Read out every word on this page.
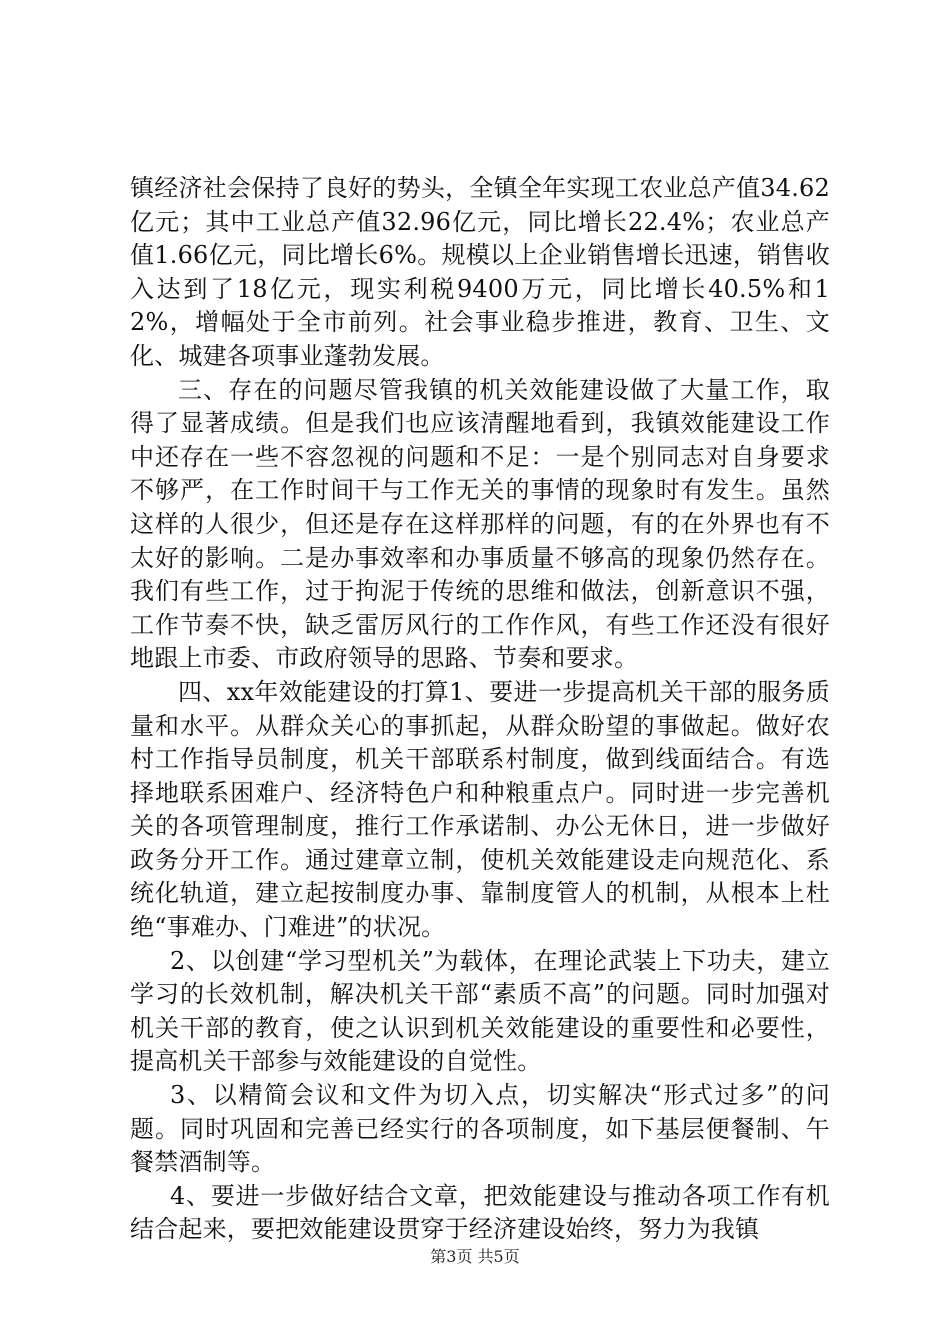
镇经济社会保持了良好的势头，全镇全年实现工农业总产值34.62亿元；其中工业总产值32.96亿元，同比增长22.4%；农业总产值1.66亿元，同比增长6%。规模以上企业销售增长迅速，销售收入达到了18亿元，现实利税9400万元，同比增长40.5%和12%，增幅处于全市前列。社会事业稳步推进，教育、卫生、文化、城建各项事业蓬勃发展。

三、存在的问题尽管我镇的机关效能建设做了大量工作，取得了显著成绩。但是我们也应该清醒地看到，我镇效能建设工作中还存在一些不容忽视的问题和不足：一是个别同志对自身要求不够严，在工作时间干与工作无关的事情的现象时有发生。虽然这样的人很少，但还是存在这样那样的问题，有的在外界也有不太好的影响。二是办事效率和办事质量不够高的现象仍然存在。我们有些工作，过于拘泥于传统的思维和做法，创新意识不强，工作节奏不快，缺乏雷厉风行的工作作风，有些工作还没有很好地跟上市委、市政府领导的思路、节奏和要求。

四、xx年效能建设的打算1、要进一步提高机关干部的服务质量和水平。从群众关心的事抓起，从群众盼望的事做起。做好农村工作指导员制度，机关干部联系村制度，做到线面结合。有选择地联系困难户、经济特色户和种粮重点户。同时进一步完善机关的各项管理制度，推行工作承诺制、办公无休日，进一步做好政务分开工作。通过建章立制，使机关效能建设走向规范化、系统化轨道，建立起按制度办事、靠制度管人的机制，从根本上杜绝“事难办、门难进”的状况。

2、以创建“学习型机关”为载体，在理论武装上下功夫，建立学习的长效机制，解决机关干部“素质不高”的问题。同时加强对机关干部的教育，使之认识到机关效能建设的重要性和必要性，提高机关干部参与效能建设的自觉性。

3、以精简会议和文件为切入点，切实解决“形式过多”的问题。同时巩固和完善已经实行的各项制度，如下基层便餐制、午餐禁酒制等。

4、要进一步做好结合文章，把效能建设与推动各项工作有机结合起来，要把效能建设贯穿于经济建设始终，努力为我镇

第3页 共5页
